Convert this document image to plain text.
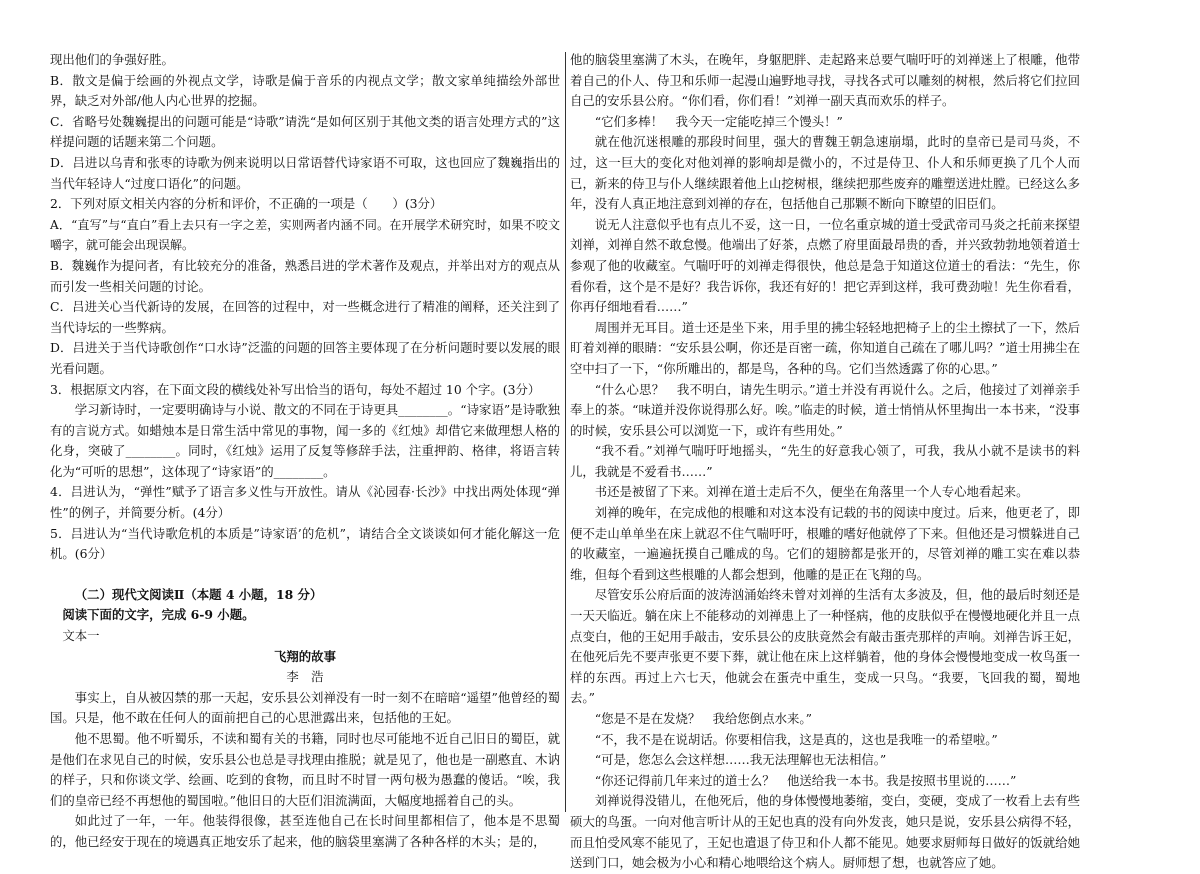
现出他们的争强好胜。

B．散文是偏于绘画的外视点文学，诗歌是偏于音乐的内视点文学；散文家单纯描绘外部世界，缺乏对外部/他人内心世界的挖掘。

C．省略号处魏巍提出的问题可能是“诗歌”请洗“是如何区别于其他文类的语言处理方式的”这样提问题的话题来第二个问题。

D．吕进以乌青和张枣的诗歌为例来说明以日常语替代诗家语不可取，这也回应了魏巍指出的当代年轻诗人“过度口语化”的问题。

2．下列对原文相关内容的分析和评价，不正确的一项是（　　）(3分）

A．“直写”与“直白”看上去只有一字之差，实则两者内涵不同。在开展学术研究时，如果不咬文嚼字，就可能会出现误解。

B．魏巍作为提问者，有比较充分的准备，熟悉吕进的学术著作及观点，并举出对方的观点从而引发一些相关问题的讨论。

C．吕进关心当代新诗的发展，在回答的过程中，对一些概念进行了精准的阐释，还关注到了当代诗坛的一些弊病。

D．吕进关于当代诗歌创作“口水诗”泛滥的问题的回答主要体现了在分析问题时要以发展的眼光看问题。

3．根据原文内容，在下面文段的横线处补写出恰当的语句，每处不超过 10 个字。(3分）

学习新诗时，一定要明确诗与小说、散文的不同在于诗更具________。“诗家语”是诗歌独有的言说方式。如蜡烛本是日常生活中常见的事物，闻一多的《红烛》却借它来做理想人格的化身，突破了________。同时，《红烛》运用了反复等修辞手法，注重押韵、格律，将语言转化为“可听的思想”，这体现了“诗家语”的________。

4．吕进认为，“弹性”赋予了语言多义性与开放性。请从《沁园春·长沙》中找出两处体现“弹性”的例子，并简要分析。(4分）

5．吕进认为“当代诗歌危机的本质是”诗家语’的危机”，请结合全文谈谈如何才能化解这一危机。(6分）

（二）现代文阅读Ⅱ（本题 4 小题，18 分）

阅读下面的文字，完成 6-9 小题。

文本一

飞翔的故事

李　浩

事实上，自从被囚禁的那一天起，安乐县公刘禅没有一时一刻不在暗暗“遥望”他曾经的蜀国。只是，他不敢在任何人的面前把自己的心思泄露出来，包括他的王妃。

他不思蜀。他不听蜀乐，不读和蜀有关的书籍，同时也尽可能地不近自己旧日的蜀臣，就是他们在求见自己的时候，安乐县公也总是寻找理由推脱；就是见了，他也是一副憨直、木讷的样子，只和你谈文学、绘画、吃到的食物，而且时不时冒一两句极为愚蠢的傻话。“唉，我们的皇帝已经不再想他的蜀国啦。”他旧日的大臣们泪流满面，大幅度地摇着自己的头。

如此过了一年，一年。他装得很像，甚至连他自己在长时间里都相信了，他本是不思蜀的，他已经安于现在的境遇真正地安乐了起来，他的脑袋里塞满了各种各样的木头；是的，

他的脑袋里塞满了木头，在晚年，身躯肥胖、走起路来总要气喘吁吁的刘禅迷上了根雕，他带着自己的仆人、侍卫和乐师一起漫山遍野地寻找，寻找各式可以雕刻的树根，然后将它们拉回自己的安乐县公府。“你们看，你们看！”刘禅一副天真而欢乐的样子。

“它们多棒！　我今天一定能吃掉三个馒头！”

就在他沉迷根雕的那段时间里，强大的曹魏王朝急速崩塌，此时的皇帝已是司马炎，不过，这一巨大的变化对他刘禅的影响却是微小的，不过是侍卫、仆人和乐师更换了几个人而已，新来的侍卫与仆人继续跟着他上山挖树根，继续把那些废弃的雕塑送进灶膛。已经这么多年，没有人真正地注意到刘禅的存在，包括他自己那颗不断向下瞭望的旧臣们。

说无人注意似乎也有点儿不妥，这一日，一位名重京城的道士受武帝司马炎之托前来探望刘禅，刘禅自然不敢怠慢。他端出了好茶，点燃了府里面最昂贵的香，并兴致勃勃地领着道士参观了他的收藏室。气喘吁吁的刘禅走得很快，他总是急于知道这位道士的看法：“先生，你看你看，这个是不是好？我告诉你，我还有好的！把它弄到这样，我可费劲啦！先生你看看，你再仔细地看看……”

周围并无耳目。道士还是坐下来，用手里的拂尘轻轻地把椅子上的尘土擦拭了一下，然后盯着刘禅的眼睛：“安乐县公啊，你还是百密一疏，你知道自己疏在了哪儿吗？”道士用拂尘在空中扫了一下，“你所雕出的，都是鸟，各种的鸟。它们当然透露了你的心思。”

“什么心思？　我不明白，请先生明示。”道士并没有再说什么。之后，他接过了刘禅亲手奉上的茶。“味道并没你说得那么好。唉。”临走的时候，道士悄悄从怀里掏出一本书来，“没事的时候，安乐县公可以浏览一下，或许有些用处。”

“我不看。”刘禅气喘吁吁地摇头，“先生的好意我心领了，可我，我从小就不是读书的料儿，我就是不爱看书……”

书还是被留了下来。刘禅在道士走后不久，便坐在角落里一个人专心地看起来。

刘禅的晚年，在完成他的根雕和对这本没有记载的书的阅读中度过。后来，他更老了，即便不走山单单坐在床上就忍不住气喘吁吁，根雕的嗜好他就停了下来。但他还是习惯躲进自己的收藏室，一遍遍抚摸自己雕成的鸟。它们的翅膀都是张开的，尽管刘禅的雕工实在难以恭维，但每个看到这些根雕的人都会想到，他雕的是正在飞翔的鸟。

尽管安乐公府后面的波涛汹涌始终未曾对刘禅的生活有太多波及，但，他的最后时刻还是一天天临近。躺在床上不能移动的刘禅患上了一种怪病，他的皮肤似乎在慢慢地硬化并且一点点变白，他的王妃用手敲击，安乐县公的皮肤竟然会有敲击蛋壳那样的声响。刘禅告诉王妃，在他死后先不要声张更不要下葬，就让他在床上这样躺着，他的身体会慢慢地变成一枚鸟蛋一样的东西。再过上六七天，他就会在蛋壳中重生，变成一只鸟。“我要，飞回我的蜀，蜀地去。”

“您是不是在发烧？　我给您倒点水来。”

“不，我不是在说胡话。你要相信我，这是真的，这也是我唯一的希望啦。”

“可是，您怎么会这样想……我无法理解也无法相信。”

“你还记得前几年来过的道士么？　他送给我一本书。我是按照书里说的……”

刘禅说得没错儿，在他死后，他的身体慢慢地萎缩，变白，变硬，变成了一枚看上去有些硕大的鸟蛋。一向对他言听计从的王妃也真的没有向外发丧，她只是说，安乐县公病得不轻，而且怕受风寒不能见了，王妃也遣退了侍卫和仆人都不能见。她要求厨师每日做好的饭就给她送到门口，她会极为小心和精心地喂给这个病人。厨师想了想，也就答应了她。
